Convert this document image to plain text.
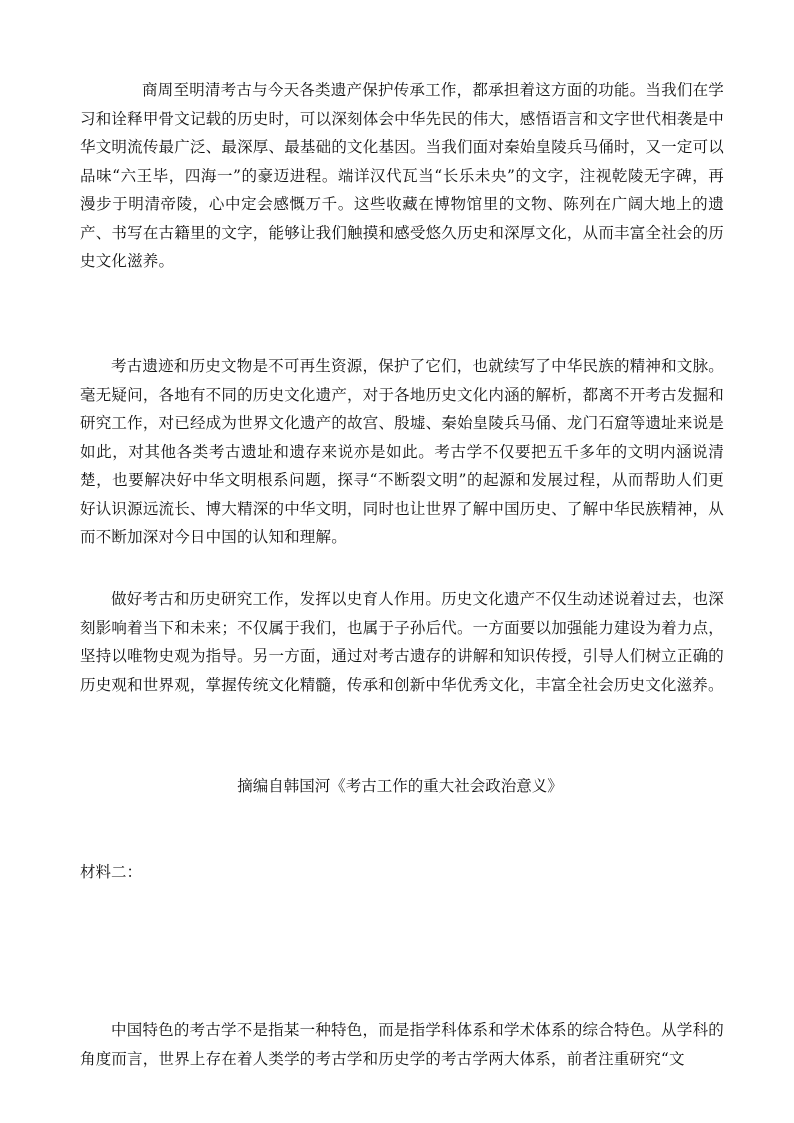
商周至明清考古与今天各类遗产保护传承工作，都承担着这方面的功能。当我们在学习和诠释甲骨文记载的历史时，可以深刻体会中华先民的伟大，感悟语言和文字世代相袭是中华文明流传最广泛、最深厚、最基础的文化基因。当我们面对秦始皇陵兵马俑时，又一定可以品味“六王毕，四海一”的豪迈进程。端详汉代瓦当“长乐未央”的文字，注视乾陵无字碑，再漫步于明清帝陵，心中定会感慨万千。这些收藏在博物馆里的文物、陈列在广阔大地上的遗产、书写在古籍里的文字，能够让我们触摸和感受悠久历史和深厚文化，从而丰富全社会的历史文化滋养。

考古遗迹和历史文物是不可再生资源，保护了它们，也就续写了中华民族的精神和文脉。毫无疑问，各地有不同的历史文化遗产，对于各地历史文化内涵的解析，都离不开考古发掘和研究工作，对已经成为世界文化遗产的故宫、殷墟、秦始皇陵兵马俑、龙门石窟等遗址来说是如此，对其他各类考古遗址和遗存来说亦是如此。考古学不仅要把五千多年的文明内涵说清楚，也要解决好中华文明根系问题，探寻“不断裂文明”的起源和发展过程，从而帮助人们更好认识源远流长、博大精深的中华文明，同时也让世界了解中国历史、了解中华民族精神，从而不断加深对今日中国的认知和理解。

做好考古和历史研究工作，发挥以史育人作用。历史文化遗产不仅生动述说着过去，也深刻影响着当下和未来；不仅属于我们，也属于子孙后代。一方面要以加强能力建设为着力点，坚持以唯物史观为指导。另一方面，通过对考古遗存的讲解和知识传授，引导人们树立正确的历史观和世界观，掌握传统文化精髓，传承和创新中华优秀文化，丰富全社会历史文化滋养。

摘编自韩国河《考古工作的重大社会政治意义》

材料二：

中国特色的考古学不是指某一种特色，而是指学科体系和学术体系的综合特色。从学科的角度而言，世界上存在着人类学的考古学和历史学的考古学两大体系，前者注重研究“文
